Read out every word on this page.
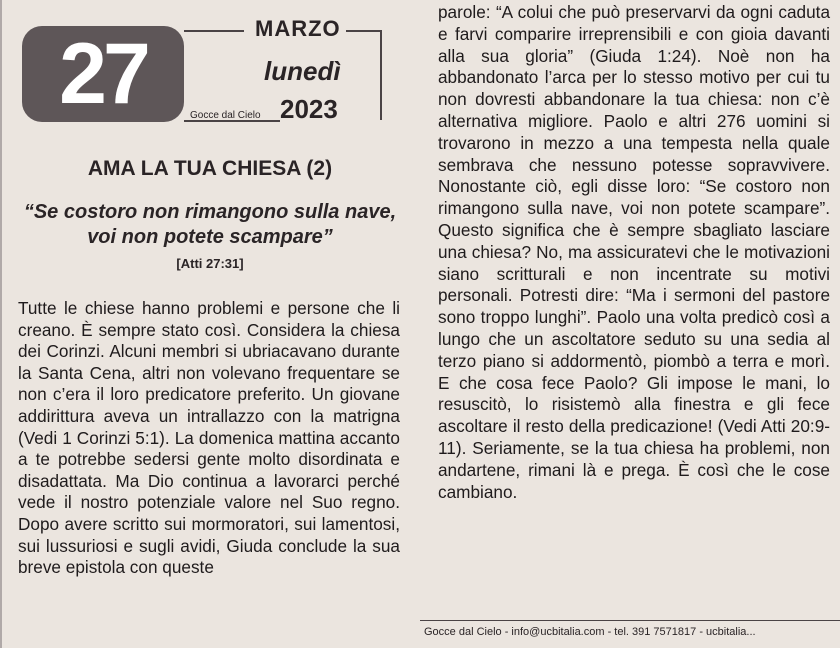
27	MARZO
lunedì
2023
Gocce dal Cielo
AMA LA TUA CHIESA (2)
“Se costoro non rimangono sulla nave, voi non potete scampare”
[Atti 27:31]
Tutte le chiese hanno problemi e persone che li creano. È sempre stato così. Considera la chiesa dei Corinzi. Alcuni membri si ubriacavano durante la Santa Cena, altri non volevano frequentare se non c’era il loro predicatore preferito. Un giovane addirittura aveva un intrallazzo con la matrigna (Vedi 1 Corinzi 5:1). La domenica mattina accanto a te potrebbe sedersi gente molto disordinata e disadattata. Ma Dio continua a lavorarci perché vede il nostro potenziale valore nel Suo regno. Dopo avere scritto sui mormoratori, sui lamentosi, sui lussuriosi e sugli avidi, Giuda conclude la sua breve epistola con queste
parole: “A colui che può preservarvi da ogni caduta e farvi comparire irreprensibili e con gioia davanti alla sua gloria” (Giuda 1:24). Noè non ha abbandonato l’arca per lo stesso motivo per cui tu non dovresti abbandonare la tua chiesa: non c’è alternativa migliore. Paolo e altri 276 uomini si trovarono in mezzo a una tempesta nella quale sembrava che nessuno potesse sopravvivere. Nonostante ciò, egli disse loro: “Se costoro non rimangono sulla nave, voi non potete scampare”. Questo significa che è sempre sbagliato lasciare una chiesa? No, ma assicuratevi che le motivazioni siano scritturali e non incentrate su motivi personali. Potresti dire: “Ma i sermoni del pastore sono troppo lunghi”. Paolo una volta predicò così a lungo che un ascoltatore seduto su una sedia al terzo piano si addormentò, piombò a terra e morì. E che cosa fece Paolo? Gli impose le mani, lo resuscitò, lo risistemò alla finestra e gli fece ascoltare il resto della predicazione! (Vedi Atti 20:9-11). Seriamente, se la tua chiesa ha problemi, non andartene, rimani là e prega. È così che le cose cambiano.
Gocce dal Cielo - info@ucbitalia.com - tel. 391 7571817 - ucbitalia...
